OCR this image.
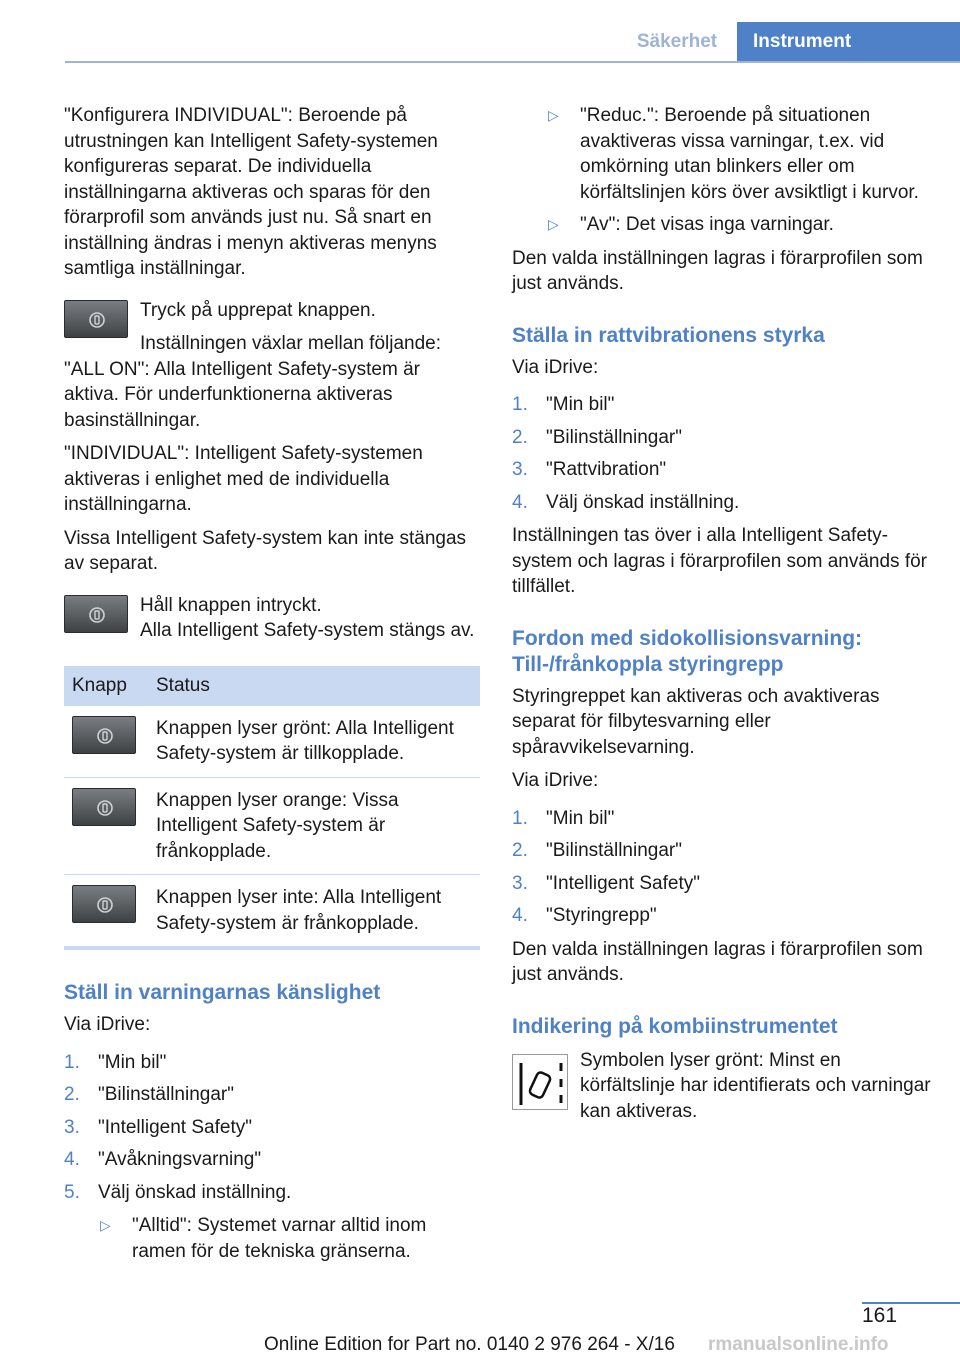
Säkerhet	Instrument

"Konfigurera INDIVIDUAL": Beroende på utrustningen kan Intelligent Safety-systemen konfigureras separat. De individuella inställningarna aktiveras och sparas för den förarprofil som används just nu. Så snart en inställning ändras i menyn aktiveras menyns samtliga inställningar.

Tryck på upprepat knappen.

Inställningen växlar mellan följande:

"ALL ON": Alla Intelligent Safety-system är aktiva. För underfunktionerna aktiveras basinställningar.

"INDIVIDUAL": Intelligent Safety-systemen aktiveras i enlighet med de individuella inställningarna.

Vissa Intelligent Safety-system kan inte stängas av separat.

Håll knappen intryckt.

Alla Intelligent Safety-system stängs av.

Knapp	Status

	Knappen lyser grönt: Alla Intelligent Safety-system är tillkopplade.

	Knappen lyser orange: Vissa Intelligent Safety-system är frånkopplade.

	Knappen lyser inte: Alla Intelligent Safety-system är frånkopplade.
Ställ in varningarnas känslighet

Via iDrive:

1. "Min bil"
2. "Bilinställningar"
3. "Intelligent Safety"
4. "Avåkningsvarning"
5. Välj önskad inställning.
▷ "Alltid": Systemet varnar alltid inom ramen för de tekniska gränserna.
▷ "Reduc.": Beroende på situationen avaktiveras vissa varningar, t.ex. vid omkörning utan blinkers eller om körfältslinjen körs över avsiktligt i kurvor.
▷ "Av": Det visas inga varningar.

Den valda inställningen lagras i förarprofilen som just används.

Ställa in rattvibrationens styrka

Via iDrive:

1. "Min bil"
2. "Bilinställningar"
3. "Rattvibration"
4. Välj önskad inställning.

Inställningen tas över i alla Intelligent Safety-system och lagras i förarprofilen som används för tillfället.

Fordon med sidokollisionsvarning: Till-/frånkoppla styringrepp

Styringreppet kan aktiveras och avaktiveras separat för filbytesvarning eller spåravvikelsevarning.

Via iDrive:

1. "Min bil"
2. "Bilinställningar"
3. "Intelligent Safety"
4. "Styringrepp"

Den valda inställningen lagras i förarprofilen som just används.

Indikering på kombiinstrumentet

Symbolen lyser grönt: Minst en körfältslinje har identifierats och varningar kan aktiveras.

161
Online Edition for Part no. 0140 2 976 264 - X/16 rmanualsonline.info
